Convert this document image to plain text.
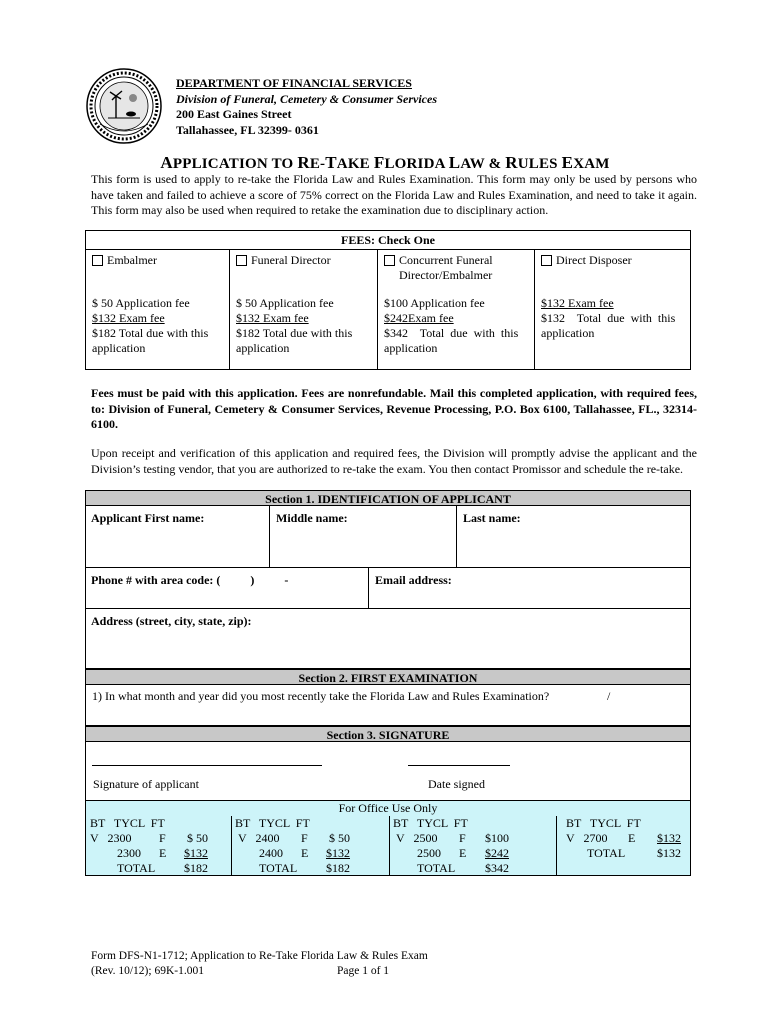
DEPARTMENT OF FINANCIAL SERVICES
Division of Funeral, Cemetery & Consumer Services
200 East Gaines Street
Tallahassee, FL 32399- 0361
APPLICATION TO RE-TAKE FLORIDA LAW & RULES EXAM
This form is used to apply to re-take the Florida Law and Rules Examination. This form may only be used by persons who have taken and failed to achieve a score of 75% correct on the Florida Law and Rules Examination, and need to take it again. This form may also be used when required to retake the examination due to disciplinary action.
FEES: Check One
Embalmer
$ 50 Application fee
$132 Exam fee
$182 Total due with this
application
Funeral Director
$ 50 Application fee
$132 Exam fee
$182 Total due with this
application
Concurrent Funeral
Director/Embalmer
$100 Application fee
$242Exam fee
$342    Total  due  with  this
application
Direct Disposer
$132 Exam fee
$132    Total  due  with  this
application
Fees must be paid with this application. Fees are nonrefundable. Mail this completed application, with required fees, to: Division of Funeral, Cemetery & Consumer Services, Revenue Processing, P.O. Box 6100, Tallahassee, FL., 32314-6100.
Upon receipt and verification of this application and required fees, the Division will promptly advise the applicant and the Division’s testing vendor, that you are authorized to re-take the exam. You then contact Promissor and schedule the re-take.
Section 1. IDENTIFICATION OF APPLICANT
Applicant First name:	Middle name:	Last name:
Phone # with area code: (          )          -	Email address:
Address (street, city, state, zip):
Section 2. FIRST EXAMINATION
1) In what month and year did you most recently take the Florida Law and Rules Examination?	/
Section 3. SIGNATURE
Signature of applicant	Date signed
For Office Use Only
BT   TYCL  FT
V   2300 F $ 50
2300 E $132
TOTAL $182
BT   TYCL  FT
V   2400 F $ 50
2400 E $132
TOTAL $182
BT   TYCL  FT
V   2500 F $100
2500 E $242
TOTAL $342
BT   TYCL  FT
V   2700 E $132
TOTAL	$132
Form DFS-N1-1712; Application to Re-Take Florida Law & Rules Exam
(Rev. 10/12); 69K-1.001	Page 1 of 1
